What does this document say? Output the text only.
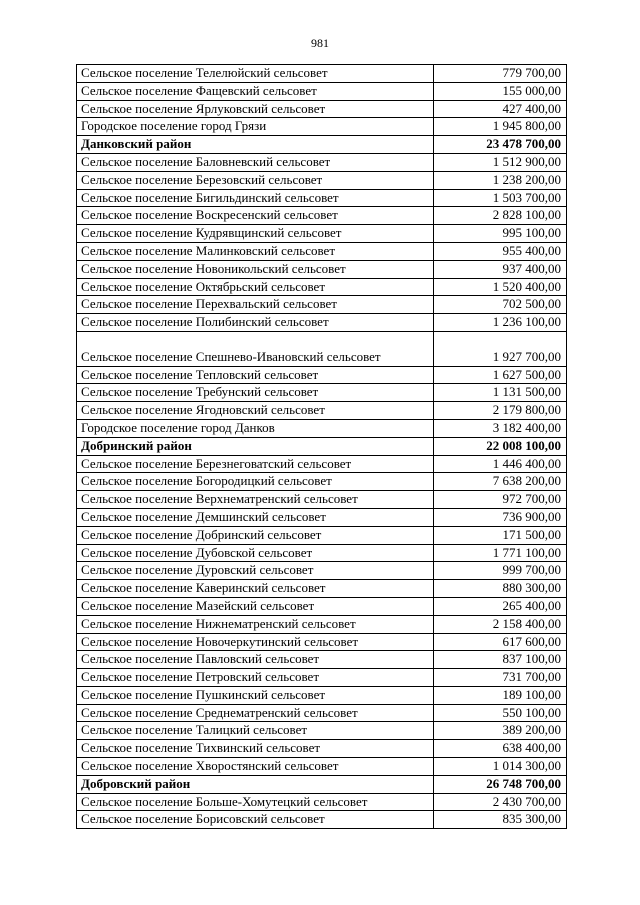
981
Сельское поселение Телелюйский сельсовет	779 700,00
Сельское поселение Фащевский сельсовет	155 000,00
Сельское поселение Ярлуковский сельсовет	427 400,00
Городское поселение город Грязи	1 945 800,00
Данковский район	23 478 700,00
Сельское поселение Баловневский сельсовет	1 512 900,00
Сельское поселение Березовский сельсовет	1 238 200,00
Сельское поселение Бигильдинский сельсовет	1 503 700,00
Сельское поселение Воскресенский сельсовет	2 828 100,00
Сельское поселение Кудрявщинский сельсовет	995 100,00
Сельское поселение Малинковский сельсовет	955 400,00
Сельское поселение Новоникольский сельсовет	937 400,00
Сельское поселение Октябрьский сельсовет	1 520 400,00
Сельское поселение Перехвальский сельсовет	702 500,00
Сельское поселение Полибинский сельсовет	1 236 100,00
Сельское поселение Спешнево-Ивановский сельсовет	1 927 700,00
Сельское поселение Тепловский сельсовет	1 627 500,00
Сельское поселение Требунский сельсовет	1 131 500,00
Сельское поселение Ягодновский сельсовет	2 179 800,00
Городское поселение город Данков	3 182 400,00
Добринский район	22 008 100,00
Сельское поселение Березнеговатский сельсовет	1 446 400,00
Сельское поселение Богородицкий сельсовет	7 638 200,00
Сельское поселение Верхнематренский сельсовет	972 700,00
Сельское поселение Демшинский сельсовет	736 900,00
Сельское поселение Добринский сельсовет	171 500,00
Сельское поселение Дубовской сельсовет	1 771 100,00
Сельское поселение Дуровский сельсовет	999 700,00
Сельское поселение Каверинский сельсовет	880 300,00
Сельское поселение Мазейский сельсовет	265 400,00
Сельское поселение Нижнематренский сельсовет	2 158 400,00
Сельское поселение Новочеркутинский сельсовет	617 600,00
Сельское поселение Павловский сельсовет	837 100,00
Сельское поселение Петровский сельсовет	731 700,00
Сельское поселение Пушкинский сельсовет	189 100,00
Сельское поселение Среднематренский сельсовет	550 100,00
Сельское поселение Талицкий сельсовет	389 200,00
Сельское поселение Тихвинский сельсовет	638 400,00
Сельское поселение Хворостянский сельсовет	1 014 300,00
Добровский район	26 748 700,00
Сельское поселение Больше-Хомутецкий сельсовет	2 430 700,00
Сельское поселение Борисовский сельсовет	835 300,00
